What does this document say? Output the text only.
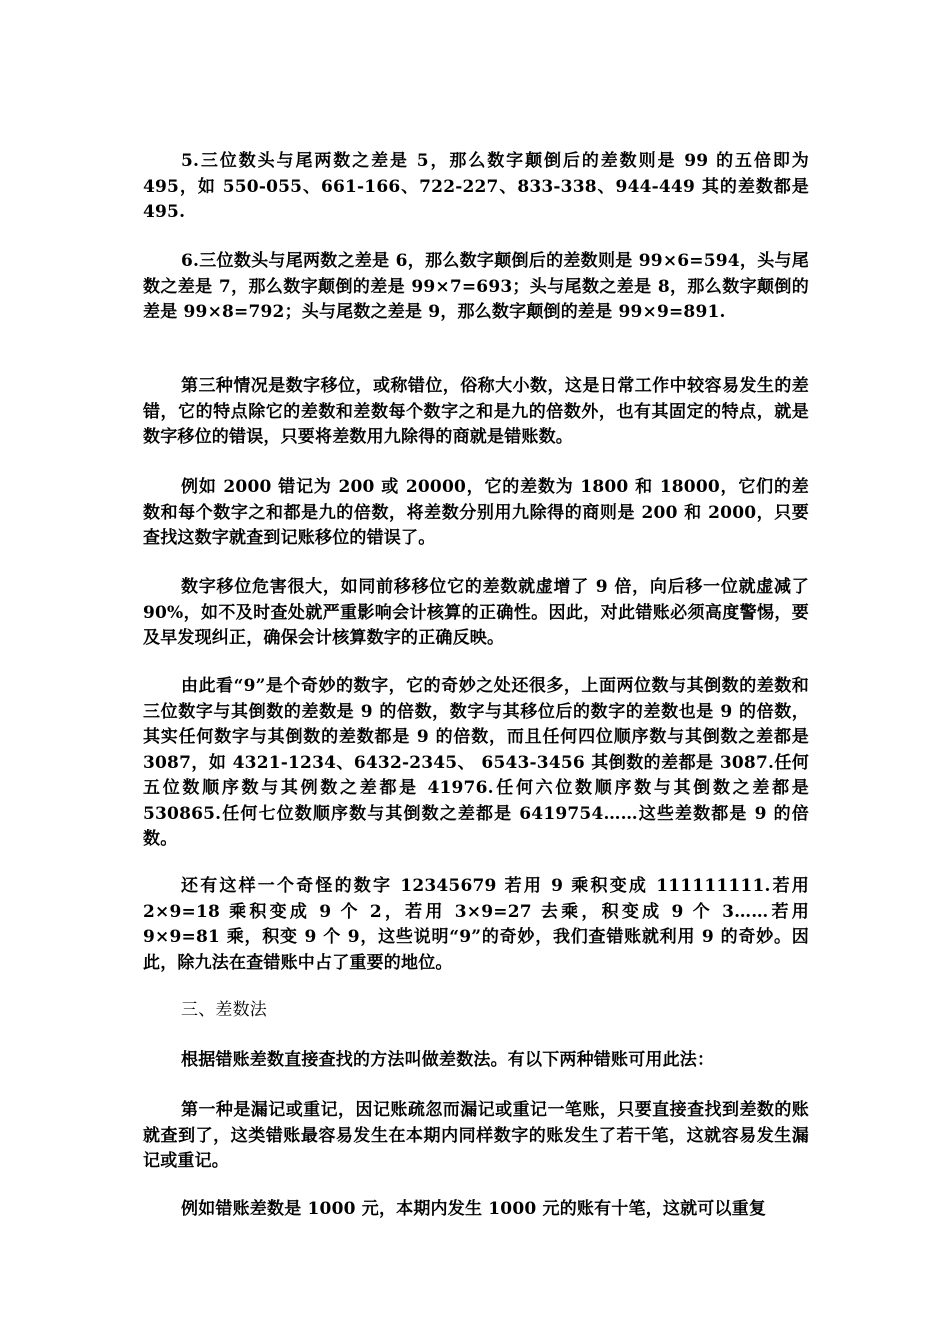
5.三位数头与尾两数之差是 5，那么数字颠倒后的差数则是 99 的五倍即为 495，如 550-055、661-166、722-227、833-338、944-449 其的差数都是 495.

6.三位数头与尾两数之差是 6，那么数字颠倒后的差数则是 99×6=594，头与尾数之差是 7，那么数字颠倒的差是 99×7=693；头与尾数之差是 8，那么数字颠倒的差是 99×8=792；头与尾数之差是 9，那么数字颠倒的差是 99×9=891.

第三种情况是数字移位，或称错位，俗称大小数，这是日常工作中较容易发生的差错，它的特点除它的差数和差数每个数字之和是九的倍数外，也有其固定的特点，就是数字移位的错误，只要将差数用九除得的商就是错账数。

例如 2000 错记为 200 或 20000，它的差数为 1800 和 18000，它们的差数和每个数字之和都是九的倍数，将差数分别用九除得的商则是 200 和 2000，只要查找这数字就查到记账移位的错误了。

数字移位危害很大，如同前移移位它的差数就虚增了 9 倍，向后移一位就虚减了 90%，如不及时查处就严重影响会计核算的正确性。因此，对此错账必须高度警惕，要及早发现纠正，确保会计核算数字的正确反映。

由此看“9”是个奇妙的数字，它的奇妙之处还很多，上面两位数与其倒数的差数和三位数字与其倒数的差数是 9 的倍数，数字与其移位后的数字的差数也是 9 的倍数，其实任何数字与其倒数的差数都是 9 的倍数，而且任何四位顺序数与其倒数之差都是 3087，如 4321-1234、6432-2345、 6543-3456 其倒数的差都是 3087.任何五位数顺序数与其例数之差都是 41976.任何六位数顺序数与其倒数之差都是 530865.任何七位数顺序数与其倒数之差都是 6419754……这些差数都是 9 的倍数。

还有这样一个奇怪的数字 12345679 若用 9 乘积变成 111111111.若用 2×9=18 乘积变成 9 个 2，若用 3×9=27 去乘，积变成 9 个 3……若用 9×9=81 乘，积变 9 个 9，这些说明“9”的奇妙，我们查错账就利用 9 的奇妙。因此，除九法在查错账中占了重要的地位。

三、差数法

根据错账差数直接查找的方法叫做差数法。有以下两种错账可用此法：

第一种是漏记或重记，因记账疏忽而漏记或重记一笔账，只要直接查找到差数的账就查到了，这类错账最容易发生在本期内同样数字的账发生了若干笔，这就容易发生漏记或重记。

例如错账差数是 1000 元，本期内发生 1000 元的账有十笔，这就可以重复
